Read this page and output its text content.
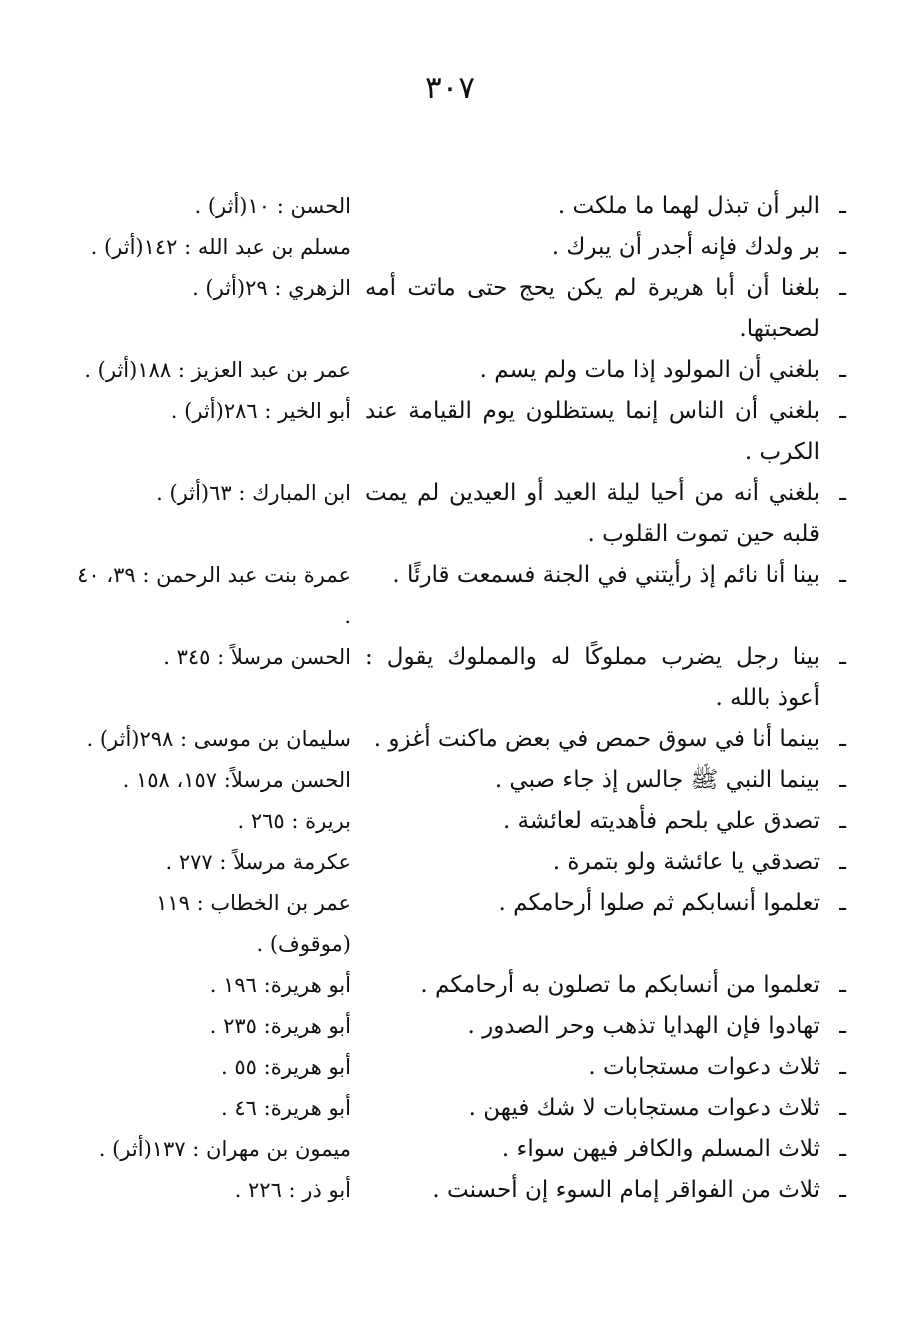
٣٠٧
ـالبر أن تبذل لهما ما ملكت .
الحسن : ١٠(أثر) .
ـبر ولدك فإنه أجدر أن يبرك .
مسلم بن عبد الله : ١٤٢(أثر) .
ـبلغنا أن أبا هريرة لم يكن يحج حتى ماتت أمه لصحبتها.
الزهري : ٢٩(أثر) .
ـبلغني أن المولود إذا مات ولم يسم .
عمر بن عبد العزيز : ١٨٨(أثر) .
ـبلغني أن الناس إنما يستظلون يوم القيامة عند الكرب .
أبو الخير : ٢٨٦(أثر) .
ـبلغني أنه من أحيا ليلة العيد أو العيدين لم يمت قلبه حين تموت القلوب .
ابن المبارك : ٦٣(أثر) .
ـبينا أنا نائم إذ رأيتني في الجنة فسمعت قارئًا .
عمرة بنت عبد الرحمن : ٣٩، ٤٠ .
ـبينا رجل يضرب مملوكًا له والمملوك يقول : أعوذ بالله .
الحسن مرسلاً : ٣٤٥ .
ـبينما أنا في سوق حمص في بعض ماكنت أغزو .
سليمان بن موسى : ٢٩٨(أثر) .
ـبينما النبي ﷺ جالس إذ جاء صبي .
الحسن مرسلاً: ١٥٧، ١٥٨ .
ـتصدق علي بلحم فأهديته لعائشة .
بريرة : ٢٦٥ .
ـتصدقي يا عائشة ولو بتمرة .
عكرمة مرسلاً : ٢٧٧ .
ـتعلموا أنسابكم ثم صلوا أرحامكم .
عمر بن الخطاب : ١١٩ (موقوف) .
ـتعلموا من أنسابكم ما تصلون به أرحامكم .
أبو هريرة: ١٩٦ .
ـتهادوا فإن الهدايا تذهب وحر الصدور .
أبو هريرة: ٢٣٥ .
ـثلاث دعوات مستجابات .
أبو هريرة: ٥٥ .
ـثلاث دعوات مستجابات لا شك فيهن .
أبو هريرة: ٤٦ .
ـثلاث المسلم والكافر فيهن سواء .
ميمون بن مهران : ١٣٧(أثر) .
ـثلاث من الفواقر إمام السوء إن أحسنت .
أبو ذر : ٢٢٦ .
